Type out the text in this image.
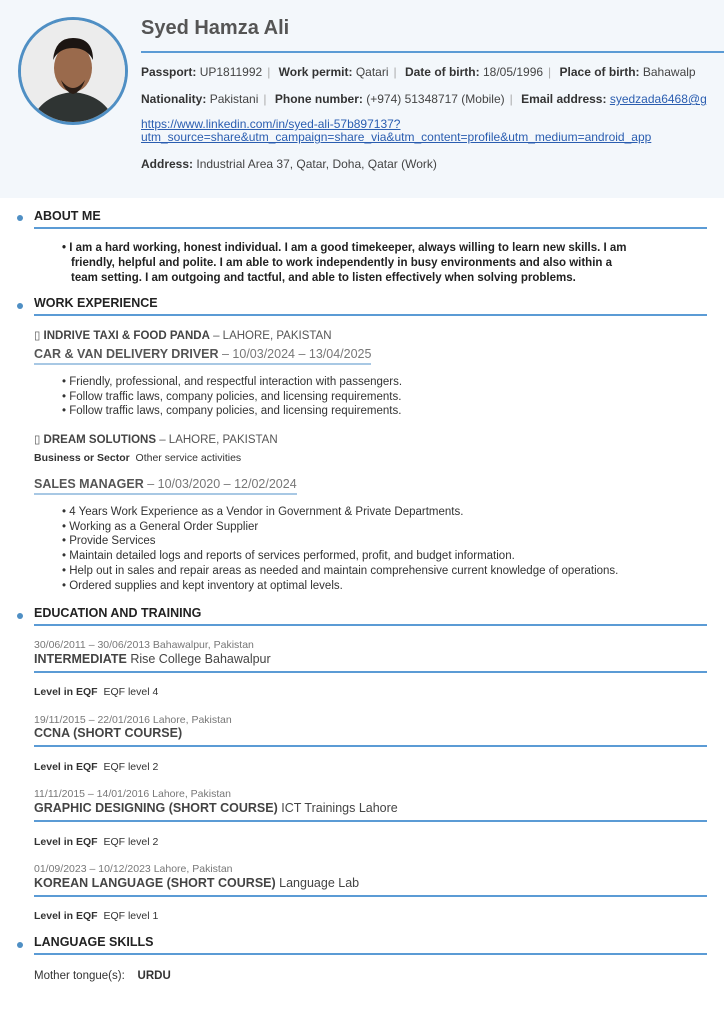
Syed Hamza Ali
Passport: UP1811992 | Work permit: Qatari | Date of birth: 18/05/1996 | Place of birth: Bahawalp
Nationality: Pakistani | Phone number: (+974) 51348717 (Mobile) | Email address: syedzada6468@g
https://www.linkedin.com/in/syed-ali-57b897137?
utm_source=share&utm_campaign=share_via&utm_content=profile&utm_medium=android_app
Address: Industrial Area 37, Qatar, Doha, Qatar (Work)
ABOUT ME
• I am a hard working, honest individual. I am a good timekeeper, always willing to learn new skills. I am
friendly, helpful and polite. I am able to work independently in busy environments and also within a
team setting. I am outgoing and tactful, and able to listen effectively when solving problems.
WORK EXPERIENCE
▯ INDRIVE TAXI & FOOD PANDA – LAHORE, PAKISTAN
CAR & VAN DELIVERY DRIVER – 10/03/2024 – 13/04/2025
• Friendly, professional, and respectful interaction with passengers.
• Follow traffic laws, company policies, and licensing requirements.
• Follow traffic laws, company policies, and licensing requirements.
▯ DREAM SOLUTIONS – LAHORE, PAKISTAN
Business or Sector Other service activities
SALES MANAGER – 10/03/2020 – 12/02/2024
• 4 Years Work Experience as a Vendor in Government & Private Departments.
• Working as a General Order Supplier
• Provide Services
• Maintain detailed logs and reports of services performed, profit, and budget information.
• Help out in sales and repair areas as needed and maintain comprehensive current knowledge of operations.
• Ordered supplies and kept inventory at optimal levels.
EDUCATION AND TRAINING
30/06/2011 – 30/06/2013 Bahawalpur, Pakistan
INTERMEDIATE Rise College Bahawalpur
Level in EQF EQF level 4
19/11/2015 – 22/01/2016 Lahore, Pakistan
CCNA (SHORT COURSE)
Level in EQF EQF level 2
11/11/2015 – 14/01/2016 Lahore, Pakistan
GRAPHIC DESIGNING (SHORT COURSE) ICT Trainings Lahore
Level in EQF EQF level 2
01/09/2023 – 10/12/2023 Lahore, Pakistan
KOREAN LANGUAGE (SHORT COURSE) Language Lab
Level in EQF EQF level 1
LANGUAGE SKILLS
Mother tongue(s): URDU
